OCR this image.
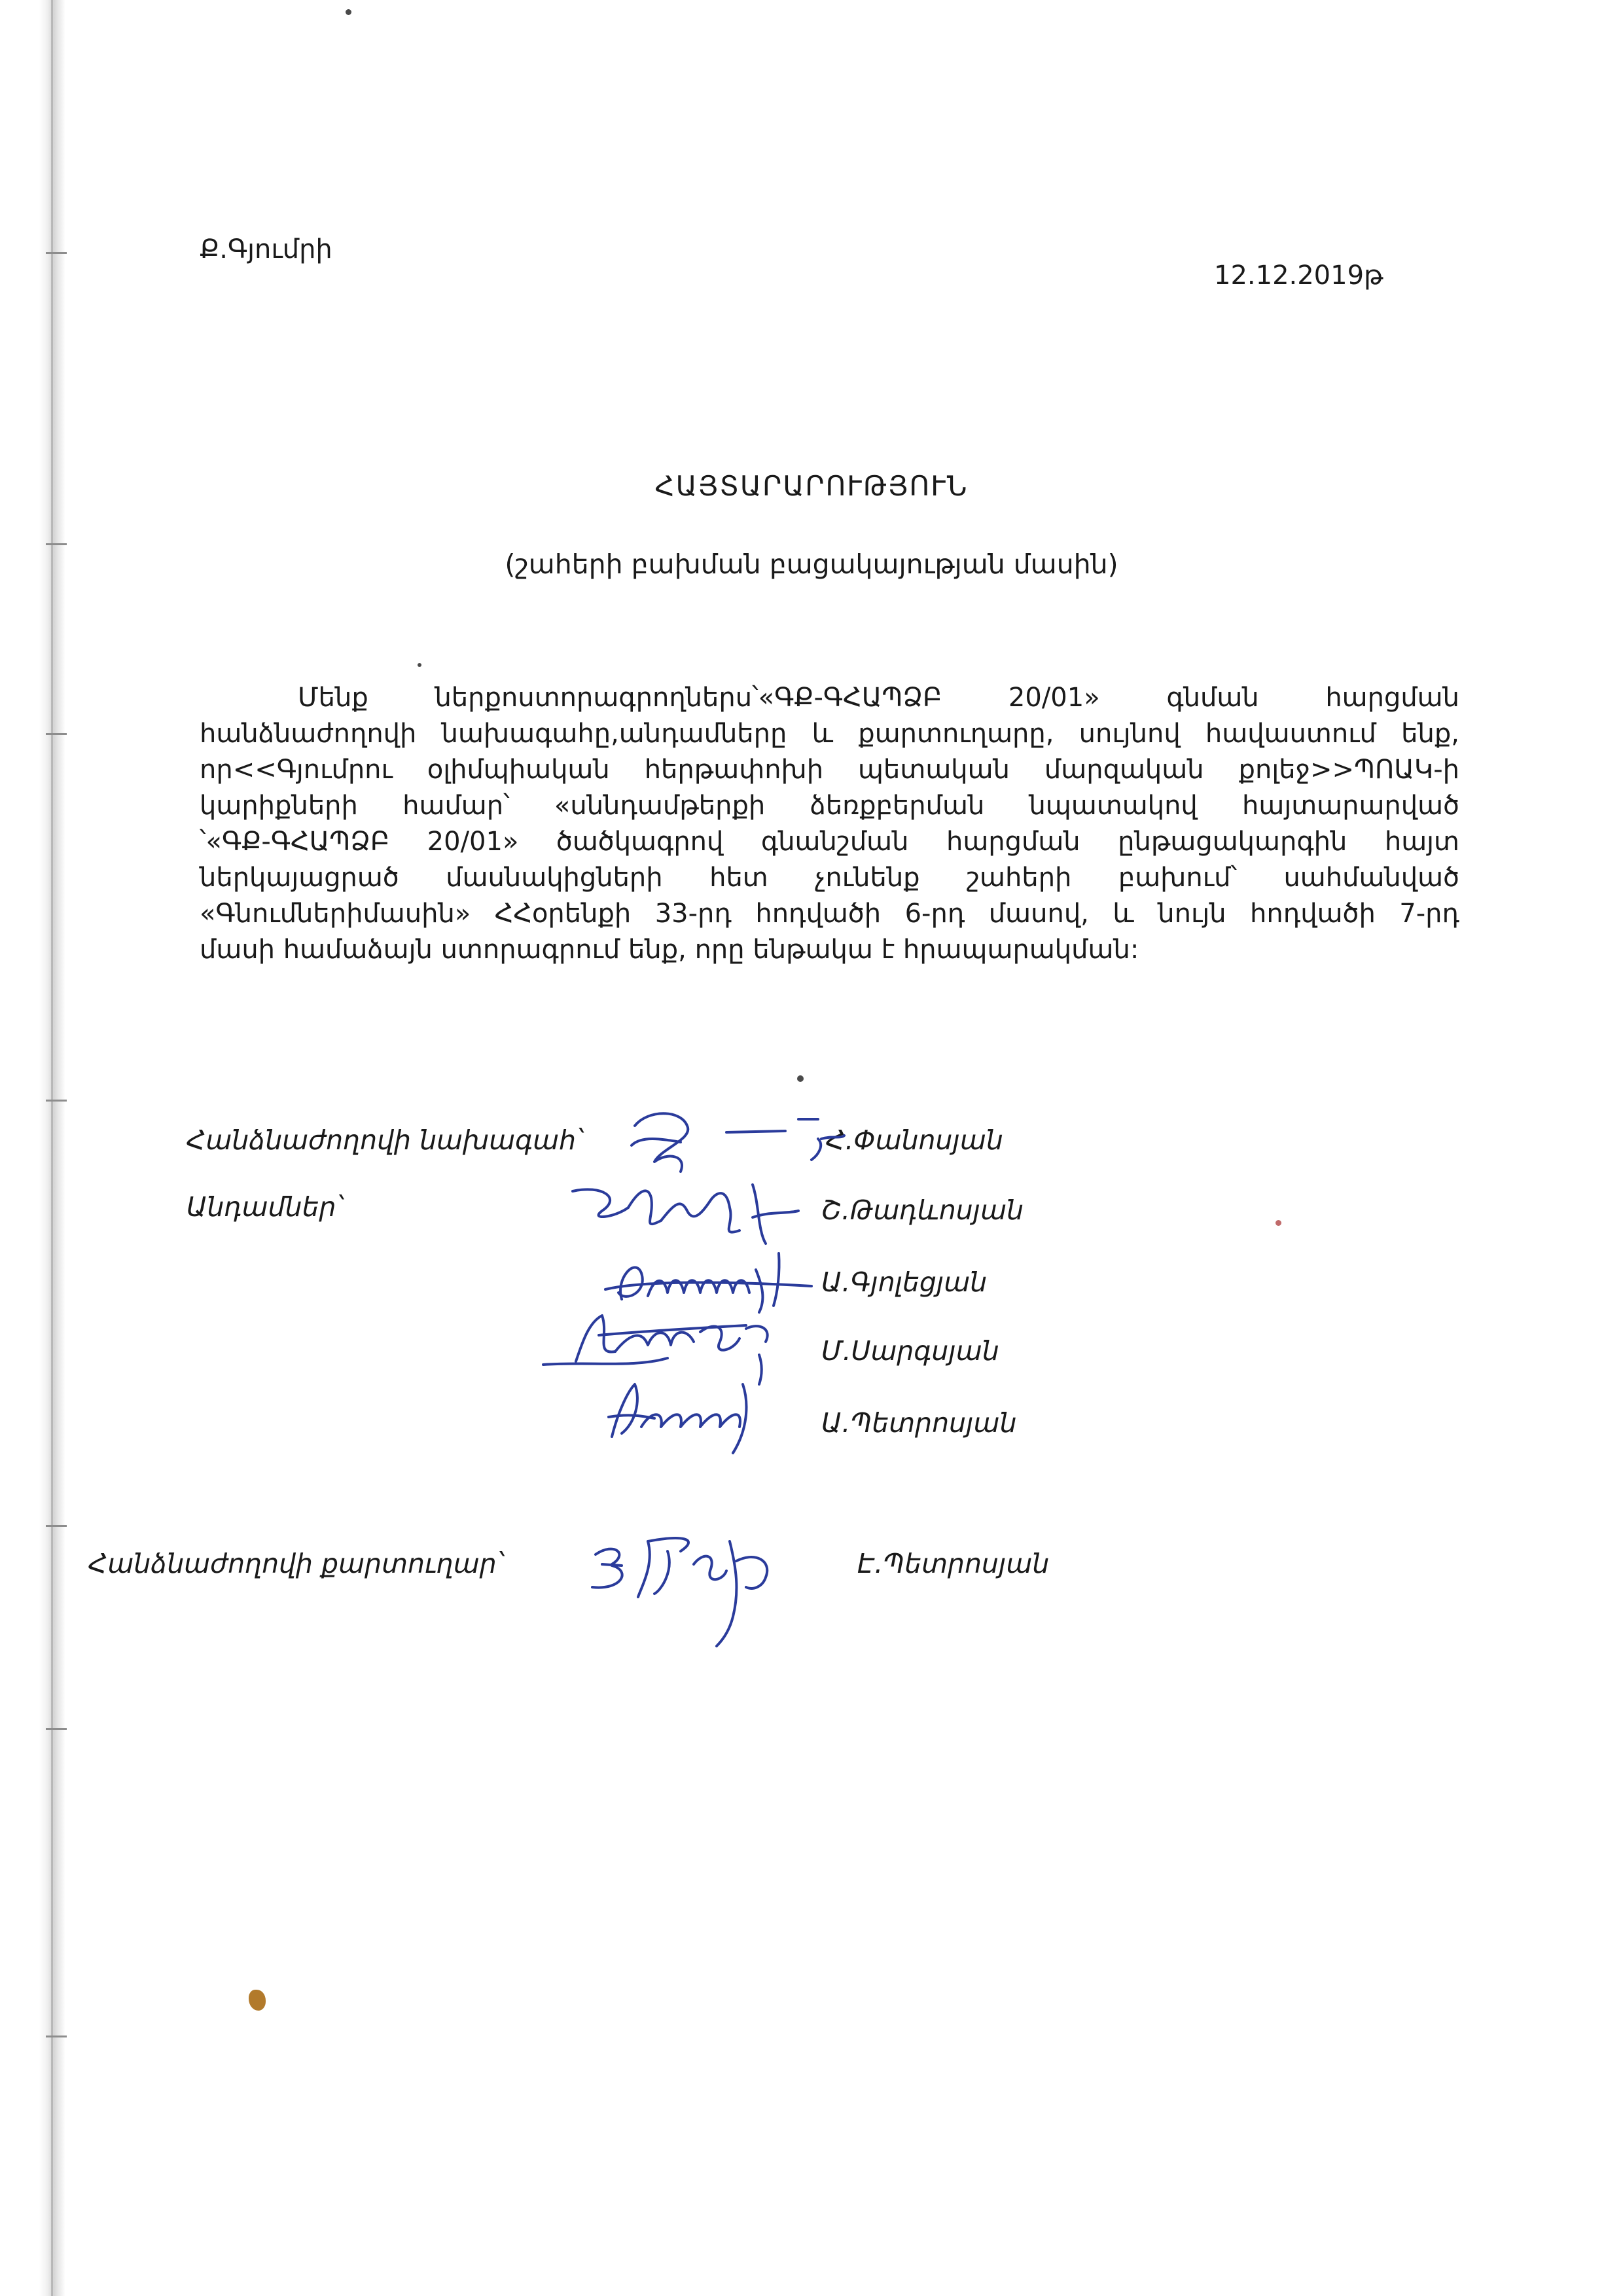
Ք.Գյումրի
12.12.2019թ
ՀԱՅՏԱՐԱՐՈՒԹՅՈՒՆ
(շահերի բախման բացակայության մասին)
Մենք ներքոստորագրողներս՝«ԳՔ-ԳՀԱՊՁԲ 20/01» գնման հարցման
հանձնաժողովի նախագահը,անդամները և քարտուղարը, սույնով հավաստում ենք,
որ<<Գյումրու օլիմպիական հերթափոխի պետական մարզական քոլեջ>>ՊՈԱԿ-ի
կարիքների համար՝ «սննդամթերքի ձեռքբերման նպատակով հայտարարված
՝«ԳՔ-ԳՀԱՊՁԲ 20/01» ծածկագրով գնանշման հարցման ընթացակարգին հայտ
ներկայացրած մասնակիցների հետ չունենք շահերի բախում՝ սահմանված
«Գնումներիմասին» ՀՀօրենքի 33-րդ հոդվածի 6-րդ մասով, և նույն հոդվածի 7-րդ
մասի համաձայն ստորագրում ենք, որը ենթակա է հրապարակման:
Հանձնաժողովի նախագահ՝
Անդամներ՝
Հանձնաժողովի քարտուղար՝
Հ.Փանոսյան
Շ.Թադևոսյան
Ա.Գյոլեցյան
Մ.Սարգսյան
Ա.Պետրոսյան
Է.Պետրոսյան
